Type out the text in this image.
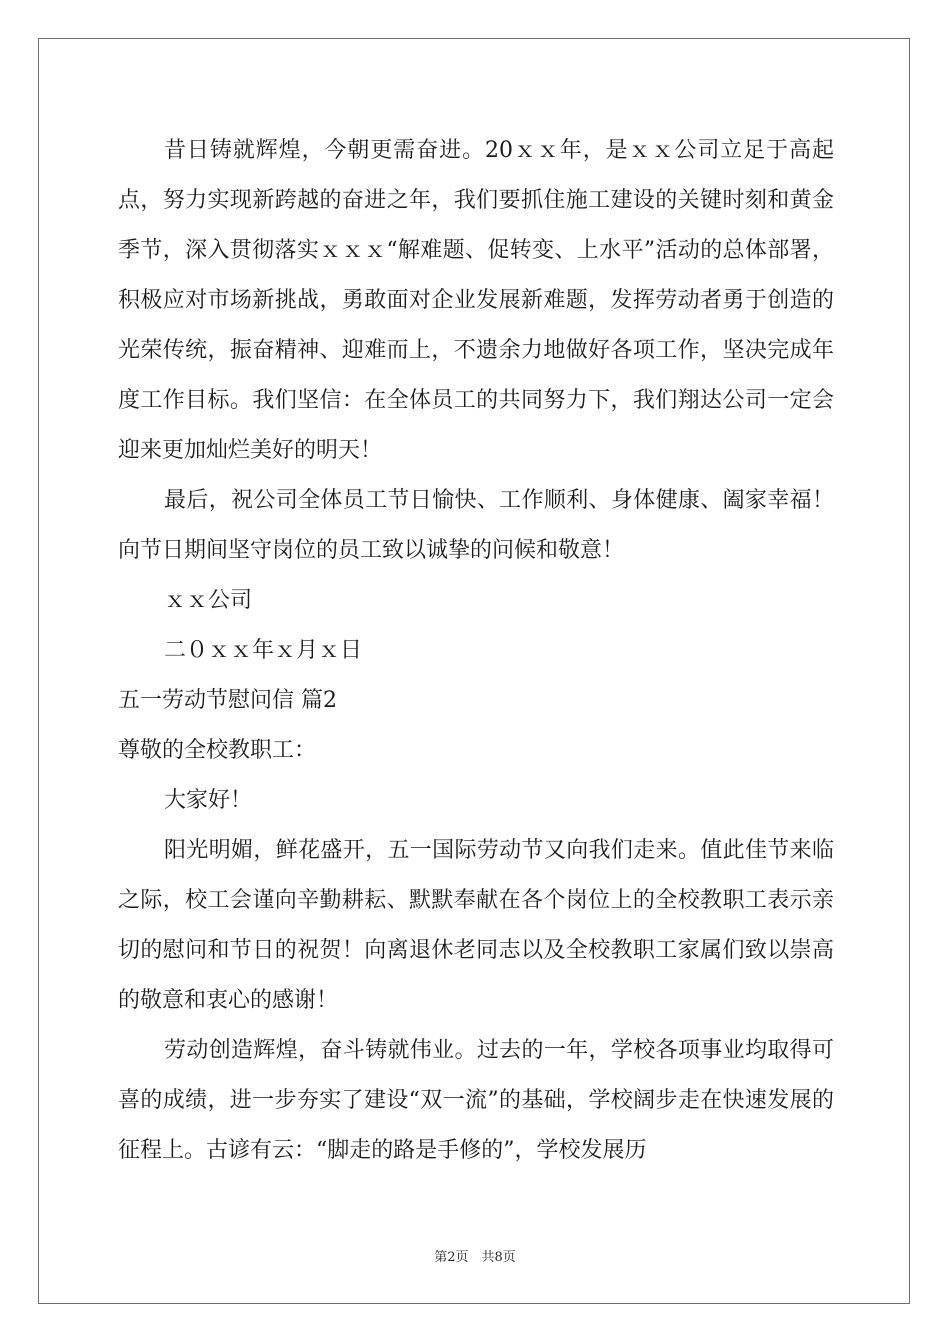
昔日铸就辉煌，今朝更需奋进。20ｘｘ年，是ｘｘ公司立足于高起点，努力实现新跨越的奋进之年，我们要抓住施工建设的关键时刻和黄金季节，深入贯彻落实ｘｘｘ“解难题、促转变、上水平”活动的总体部署，积极应对市场新挑战，勇敢面对企业发展新难题，发挥劳动者勇于创造的光荣传统，振奋精神、迎难而上，不遗余力地做好各项工作，坚决完成年度工作目标。我们坚信：在全体员工的共同努力下，我们翔达公司一定会迎来更加灿烂美好的明天！

最后，祝公司全体员工节日愉快、工作顺利、身体健康、阖家幸福！向节日期间坚守岗位的员工致以诚挚的问候和敬意！

ｘｘ公司

二０ｘｘ年ｘ月ｘ日

五一劳动节慰问信 篇2

尊敬的全校教职工：

大家好！

阳光明媚，鲜花盛开，五一国际劳动节又向我们走来。值此佳节来临之际，校工会谨向辛勤耕耘、默默奉献在各个岗位上的全校教职工表示亲切的慰问和节日的祝贺！向离退休老同志以及全校教职工家属们致以崇高的敬意和衷心的感谢！

劳动创造辉煌，奋斗铸就伟业。过去的一年，学校各项事业均取得可喜的成绩，进一步夯实了建设“双一流”的基础，学校阔步走在快速发展的征程上。古谚有云：“脚走的路是手修的”，学校发展历

第2页　共8页
